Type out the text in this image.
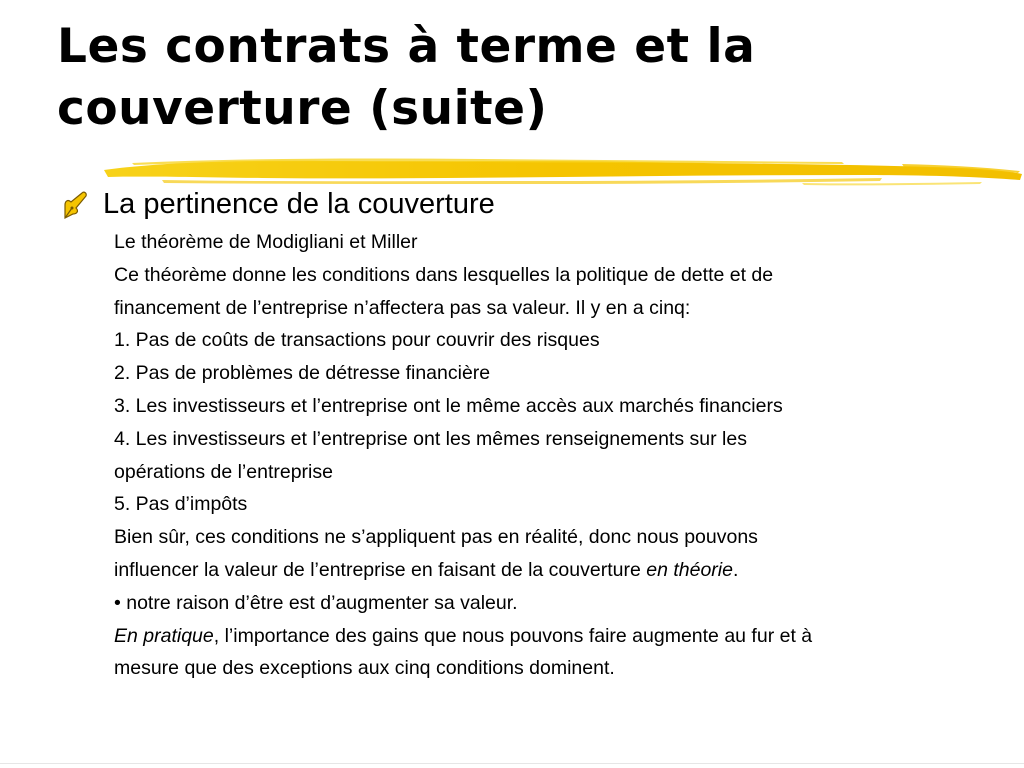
Les contrats à terme et la
couverture (suite)
La pertinence de la couverture

Le théorème de Modigliani et Miller

Ce théorème donne les conditions dans lesquelles la politique de dette et de

financement de l’entreprise n’affectera pas sa valeur. Il y en a cinq:

1. Pas de coûts de transactions pour couvrir des risques

2. Pas de problèmes de détresse financière

3. Les investisseurs et l’entreprise ont le même accès aux marchés financiers

4. Les investisseurs et l’entreprise ont les mêmes renseignements sur les

opérations de l’entreprise

5. Pas d’impôts

Bien sûr, ces conditions ne s’appliquent pas en réalité, donc nous pouvons

influencer la valeur de l’entreprise en faisant de la couverture en théorie.

• notre raison d’être est d’augmenter sa valeur.

En pratique, l’importance des gains que nous pouvons faire augmente au fur et à

mesure que des exceptions aux cinq conditions dominent.
